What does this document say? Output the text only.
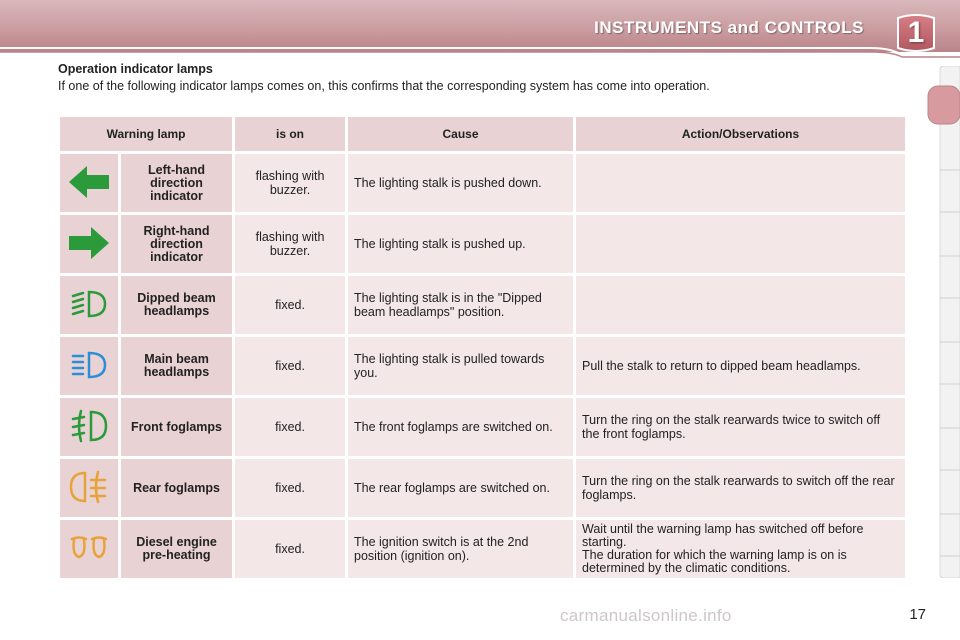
INSTRUMENTS and CONTROLS	1
Operation indicator lamps
If one of the following indicator lamps comes on, this confirms that the corresponding system has come into operation.
Warning lamp		is on	Cause	Action/Observations
	Left-hand direction indicator	flashing with buzzer.	The lighting stalk is pushed down.	
	Right-hand direction indicator	flashing with buzzer.	The lighting stalk is pushed up.	
	Dipped beam headlamps	fixed.	The lighting stalk is in the "Dipped beam headlamps" position.	
	Main beam headlamps	fixed.	The lighting stalk is pulled towards you.	Pull the stalk to return to dipped beam headlamps.
	Front foglamps	fixed.	The front foglamps are switched on.	Turn the ring on the stalk rearwards twice to switch off the front foglamps.
	Rear foglamps	fixed.	The rear foglamps are switched on.	Turn the ring on the stalk rearwards to switch off the rear foglamps.
	Diesel engine pre-heating	fixed.	The ignition switch is at the 2nd position (ignition on).	Wait until the warning lamp has switched off before starting.
The duration for which the warning lamp is on is determined by the climatic conditions.
carmanualsonline.info	17
